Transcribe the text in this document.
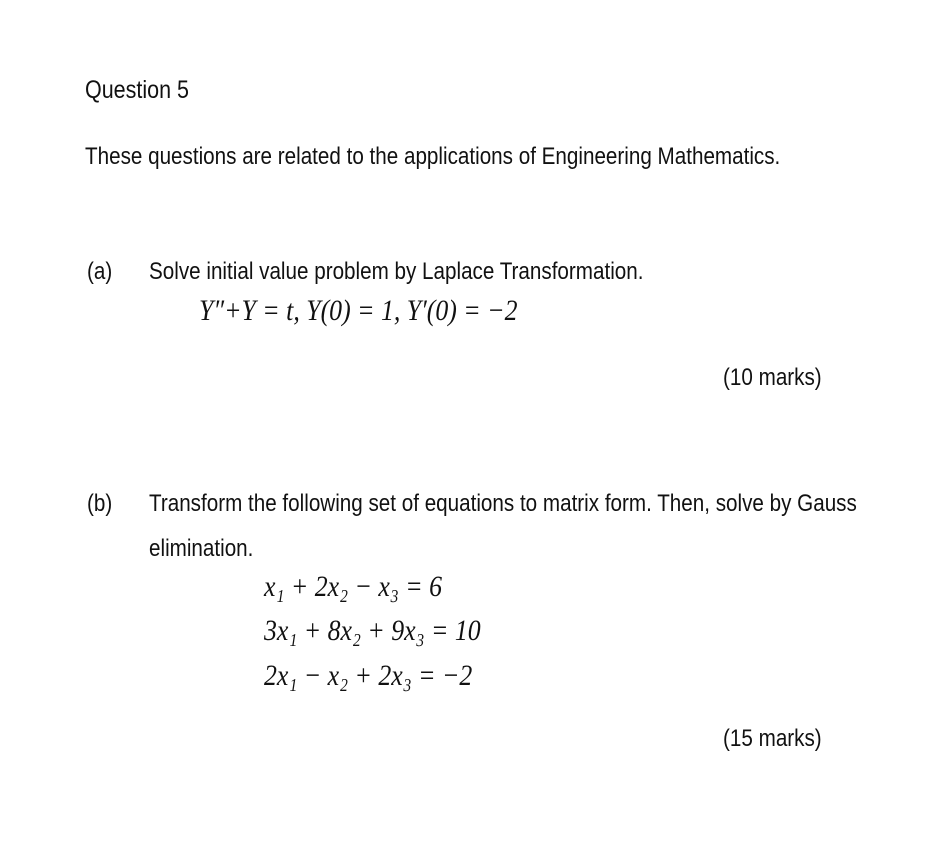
Question 5
These questions are related to the applications of Engineering Mathematics.
(a) Solve initial value problem by Laplace Transformation.
Y″+Y = t, Y(0) = 1, Y′(0) = −2
(10 marks)
(b) Transform the following set of equations to matrix form. Then, solve by Gauss
elimination.
x₁ + 2x₂ − x₃ = 6
3x₁ + 8x₂ + 9x₃ = 10
2x₁ − x₂ + 2x₃ = −2
(15 marks)
